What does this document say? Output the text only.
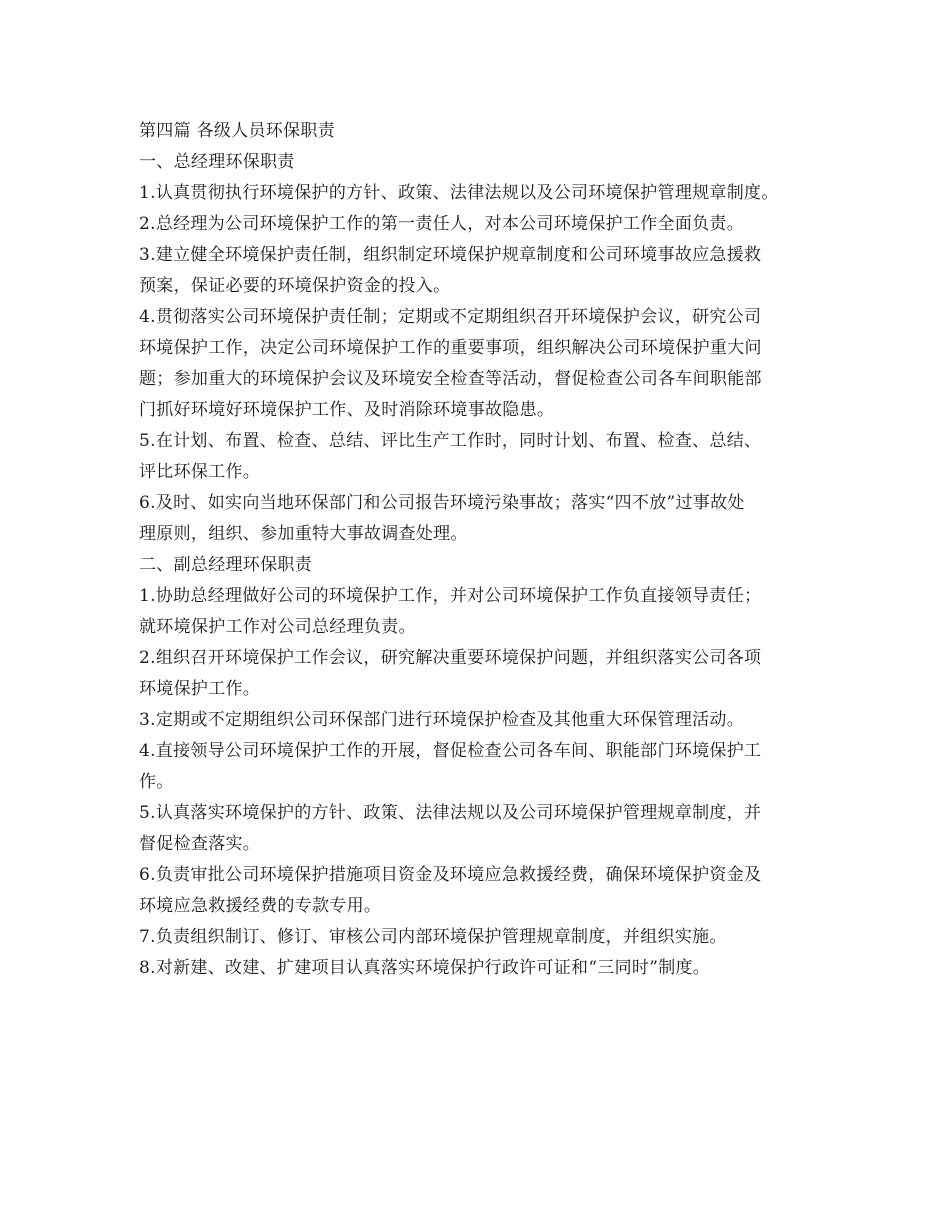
第四篇 各级人员环保职责
一、总经理环保职责
1.认真贯彻执行环境保护的方针、政策、法律法规以及公司环境保护管理规章制度。
2.总经理为公司环境保护工作的第一责任人，对本公司环境保护工作全面负责。
3.建立健全环境保护责任制，组织制定环境保护规章制度和公司环境事故应急援救
预案，保证必要的环境保护资金的投入。
4.贯彻落实公司环境保护责任制；定期或不定期组织召开环境保护会议，研究公司
环境保护工作，决定公司环境保护工作的重要事项，组织解决公司环境保护重大问
题；参加重大的环境保护会议及环境安全检查等活动，督促检查公司各车间职能部
门抓好环境好环境保护工作、及时消除环境事故隐患。
5.在计划、布置、检查、总结、评比生产工作时，同时计划、布置、检查、总结、
评比环保工作。
6.及时、如实向当地环保部门和公司报告环境污染事故；落实“四不放”过事故处
理原则，组织、参加重特大事故调查处理。
二、副总经理环保职责
1.协助总经理做好公司的环境保护工作，并对公司环境保护工作负直接领导责任；
就环境保护工作对公司总经理负责。
2.组织召开环境保护工作会议，研究解决重要环境保护问题，并组织落实公司各项
环境保护工作。
3.定期或不定期组织公司环保部门进行环境保护检查及其他重大环保管理活动。
4.直接领导公司环境保护工作的开展，督促检查公司各车间、职能部门环境保护工
作。
5.认真落实环境保护的方针、政策、法律法规以及公司环境保护管理规章制度，并
督促检查落实。
6.负责审批公司环境保护措施项目资金及环境应急救援经费，确保环境保护资金及
环境应急救援经费的专款专用。
7.负责组织制订、修订、审核公司内部环境保护管理规章制度，并组织实施。
8.对新建、改建、扩建项目认真落实环境保护行政许可证和“三同时”制度。
